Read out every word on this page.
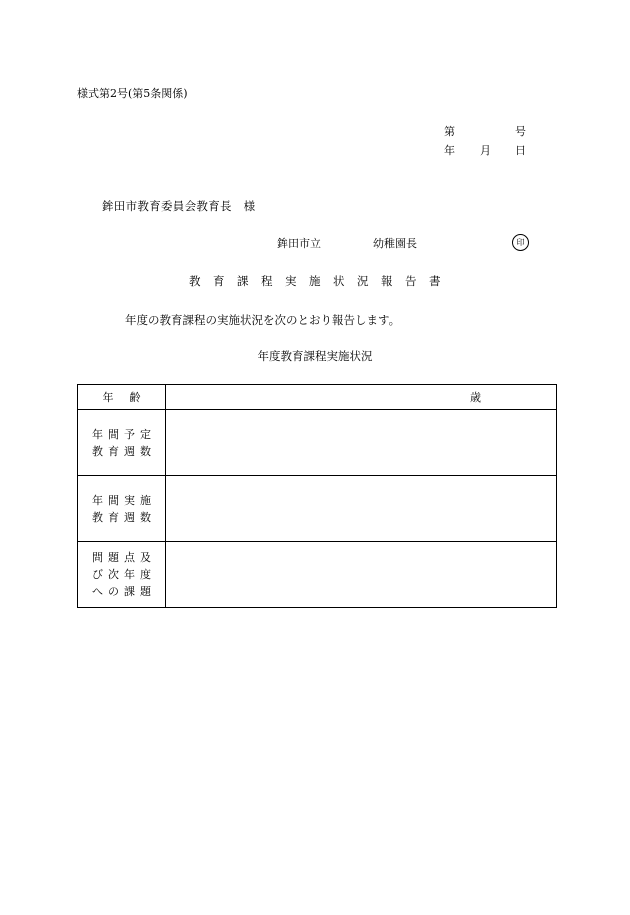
様式第2号(第5条関係)
第	号
年 月 日
鉾田市教育委員会教育長　様
鉾田市立	幼稚園長	印
教育課程実施状況報告書
年度の教育課程の実施状況を次のとおり報告します。
年度教育課程実施状況
年齢	歳

年間予定
教育週数	

年間実施
教育週数	

問題点及
び次年度
への課題	
